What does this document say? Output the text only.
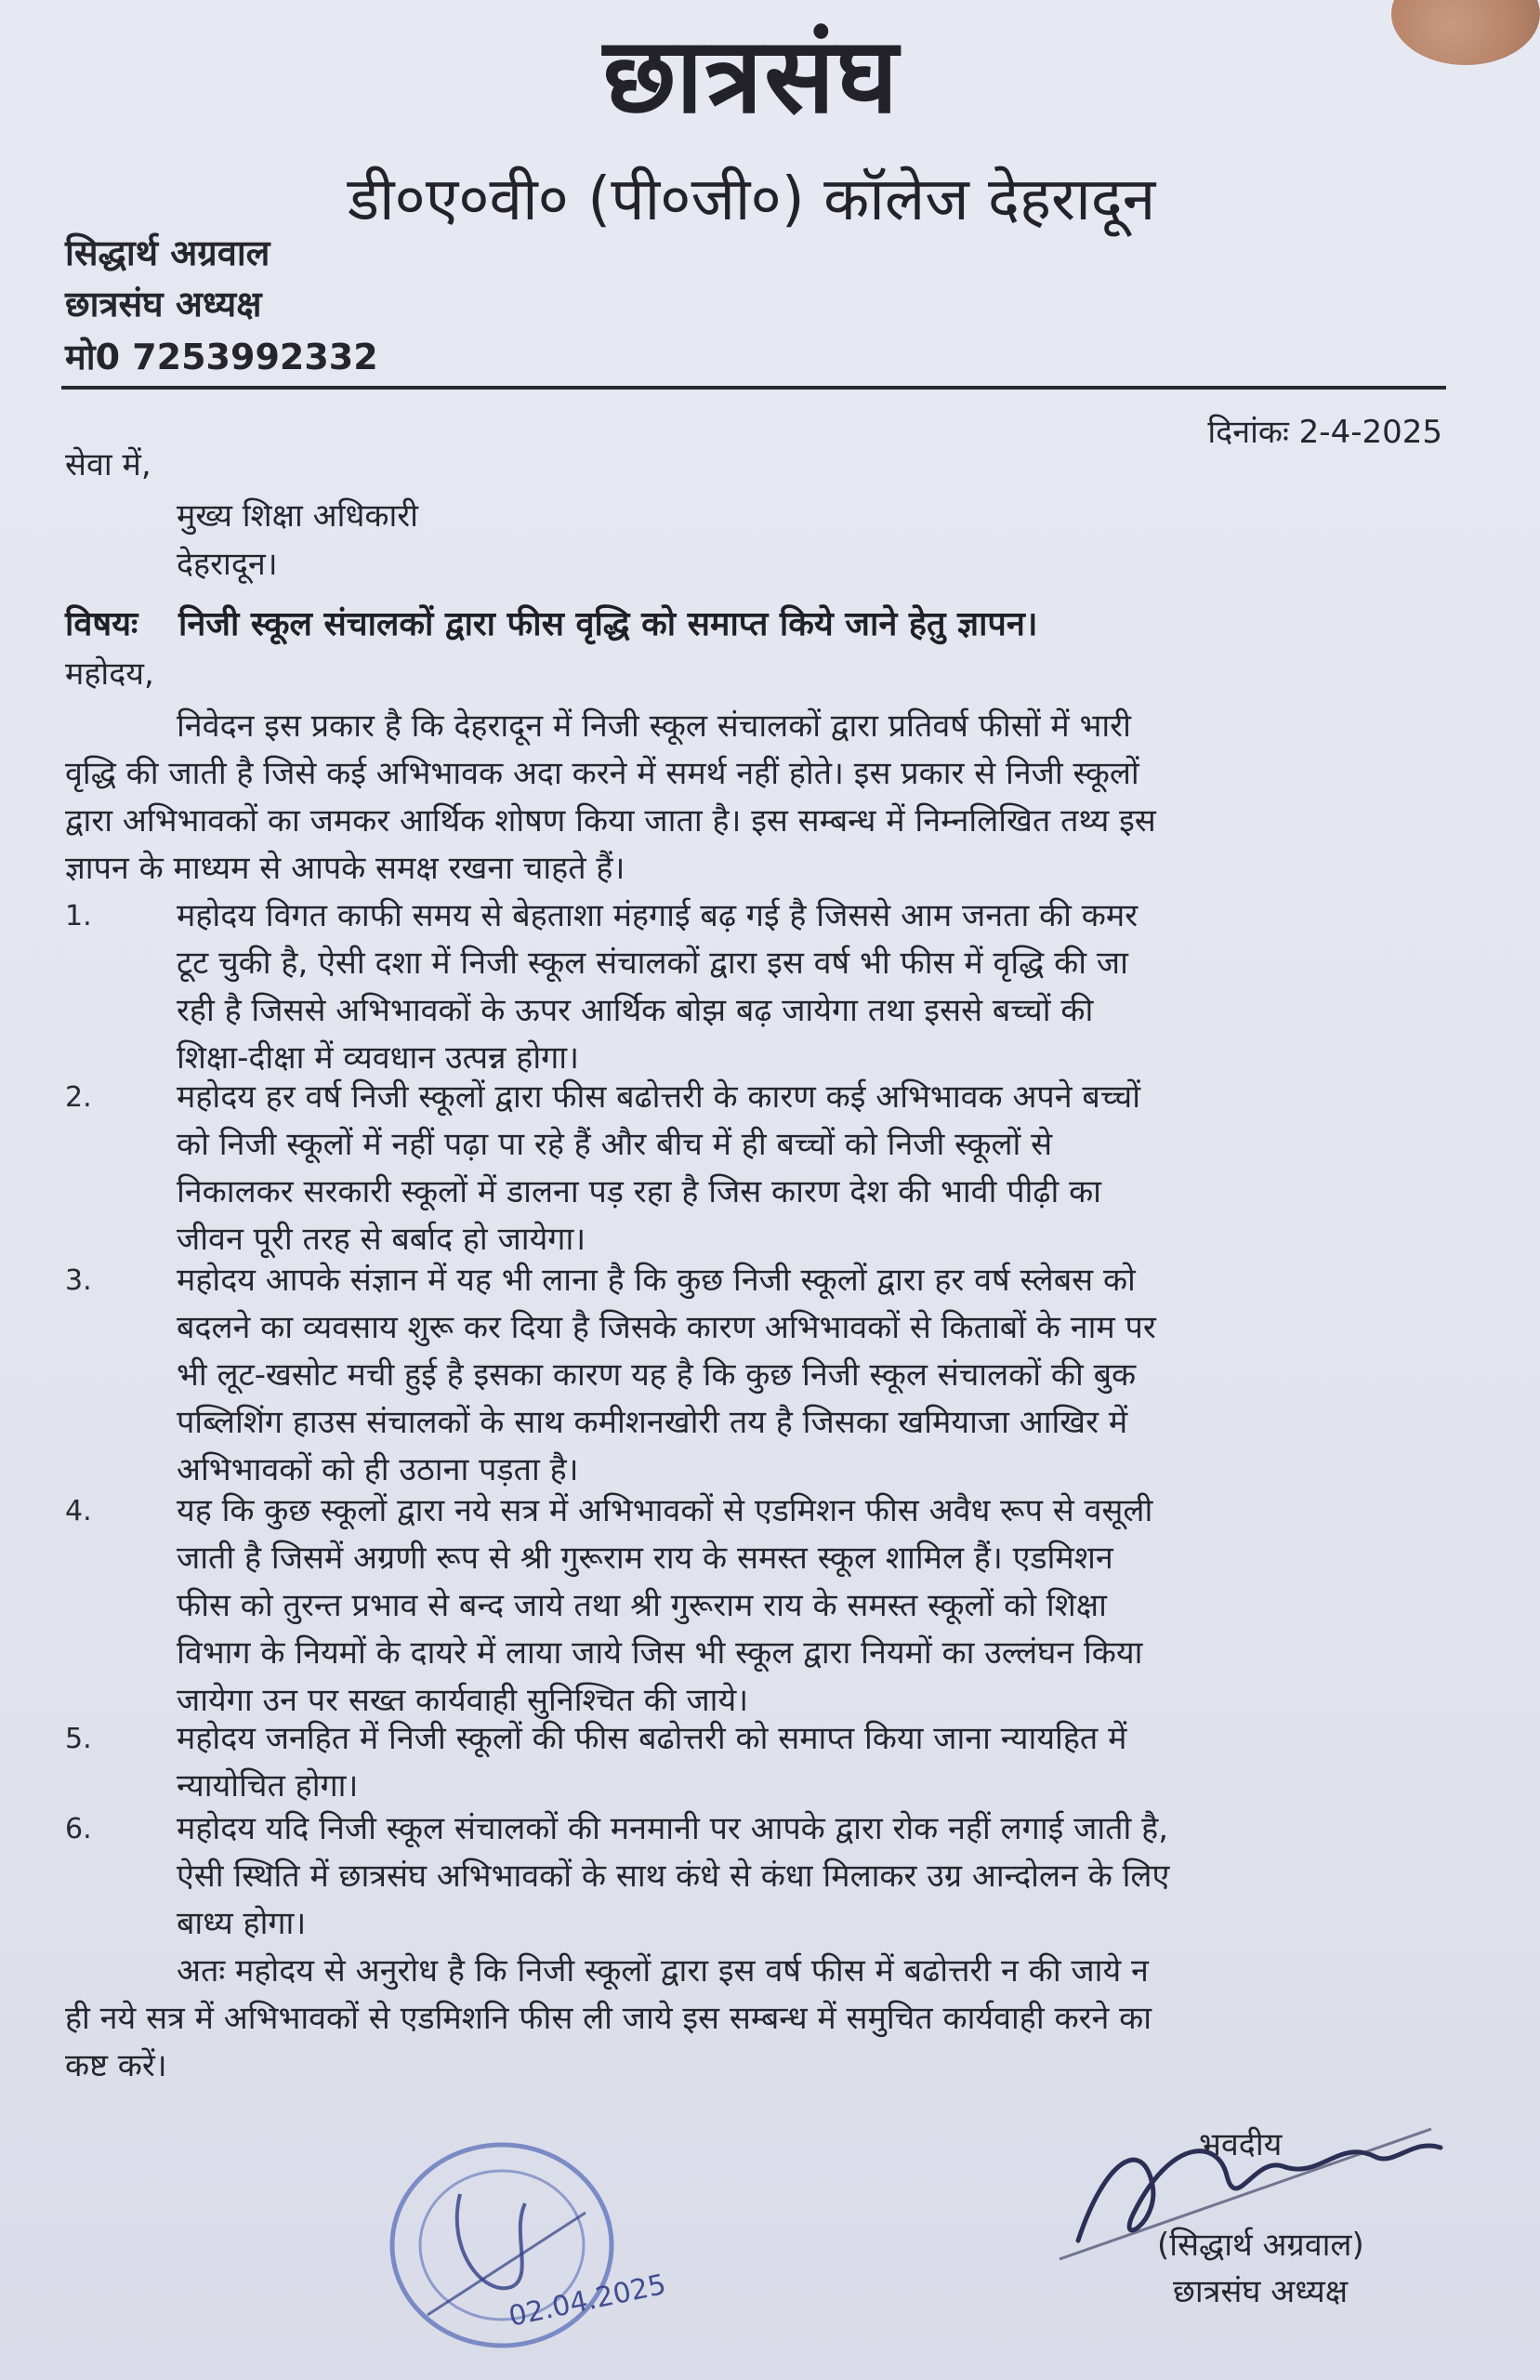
छात्रसंघ
डी०ए०वी० (पी०जी०) कॉलेज देहरादून
सिद्धार्थ अग्रवाल
छात्रसंघ अध्यक्ष
मो0 7253992332
दिनांकः 2-4-2025
सेवा में,
मुख्य शिक्षा अधिकारी
देहरादून।
विषयः निजी स्कूल संचालकों द्वारा फीस वृद्धि को समाप्त किये जाने हेतु ज्ञापन।
महोदय,
निवेदन इस प्रकार है कि देहरादून में निजी स्कूल संचालकों द्वारा प्रतिवर्ष फीसों में भारी
वृद्धि की जाती है जिसे कई अभिभावक अदा करने में समर्थ नहीं होते। इस प्रकार से निजी स्कूलों
द्वारा अभिभावकों का जमकर आर्थिक शोषण किया जाता है। इस सम्बन्ध में निम्नलिखित तथ्य इस
ज्ञापन के माध्यम से आपके समक्ष रखना चाहते हैं।
1.	महोदय विगत काफी समय से बेहताशा मंहगाई बढ़ गई है जिससे आम जनता की कमर
टूट चुकी है, ऐसी दशा में निजी स्कूल संचालकों द्वारा इस वर्ष भी फीस में वृद्धि की जा
रही है जिससे अभिभावकों के ऊपर आर्थिक बोझ बढ़ जायेगा तथा इससे बच्चों की
शिक्षा-दीक्षा में व्यवधान उत्पन्न होगा।
2.	महोदय हर वर्ष निजी स्कूलों द्वारा फीस बढोत्तरी के कारण कई अभिभावक अपने बच्चों
को निजी स्कूलों में नहीं पढ़ा पा रहे हैं और बीच में ही बच्चों को निजी स्कूलों से
निकालकर सरकारी स्कूलों में डालना पड़ रहा है जिस कारण देश की भावी पीढ़ी का
जीवन पूरी तरह से बर्बाद हो जायेगा।
3.	महोदय आपके संज्ञान में यह भी लाना है कि कुछ निजी स्कूलों द्वारा हर वर्ष स्लेबस को
बदलने का व्यवसाय शुरू कर दिया है जिसके कारण अभिभावकों से किताबों के नाम पर
भी लूट-खसोट मची हुई है इसका कारण यह है कि कुछ निजी स्कूल संचालकों की बुक
पब्लिशिंग हाउस संचालकों के साथ कमीशनखोरी तय है जिसका खमियाजा आखिर में
अभिभावकों को ही उठाना पड़ता है।
4.	यह कि कुछ स्कूलों द्वारा नये सत्र में अभिभावकों से एडमिशन फीस अवैध रूप से वसूली
जाती है जिसमें अग्रणी रूप से श्री गुरूराम राय के समस्त स्कूल शामिल हैं। एडमिशन
फीस को तुरन्त प्रभाव से बन्द जाये तथा श्री गुरूराम राय के समस्त स्कूलों को शिक्षा
विभाग के नियमों के दायरे में लाया जाये जिस भी स्कूल द्वारा नियमों का उल्लंघन किया
जायेगा उन पर सख्त कार्यवाही सुनिश्चित की जाये।
5.	महोदय जनहित में निजी स्कूलों की फीस बढोत्तरी को समाप्त किया जाना न्यायहित में
न्यायोचित होगा।
6.	महोदय यदि निजी स्कूल संचालकों की मनमानी पर आपके द्वारा रोक नहीं लगाई जाती है,
ऐसी स्थिति में छात्रसंघ अभिभावकों के साथ कंधे से कंधा मिलाकर उग्र आन्दोलन के लिए
बाध्य होगा।
अतः महोदय से अनुरोध है कि निजी स्कूलों द्वारा इस वर्ष फीस में बढोत्तरी न की जाये न
ही नये सत्र में अभिभावकों से एडमिशनि फीस ली जाये इस सम्बन्ध में समुचित कार्यवाही करने का
कष्ट करें।
02.04.2025
भवदीय
(सिद्धार्थ अग्रवाल)
छात्रसंघ अध्यक्ष
